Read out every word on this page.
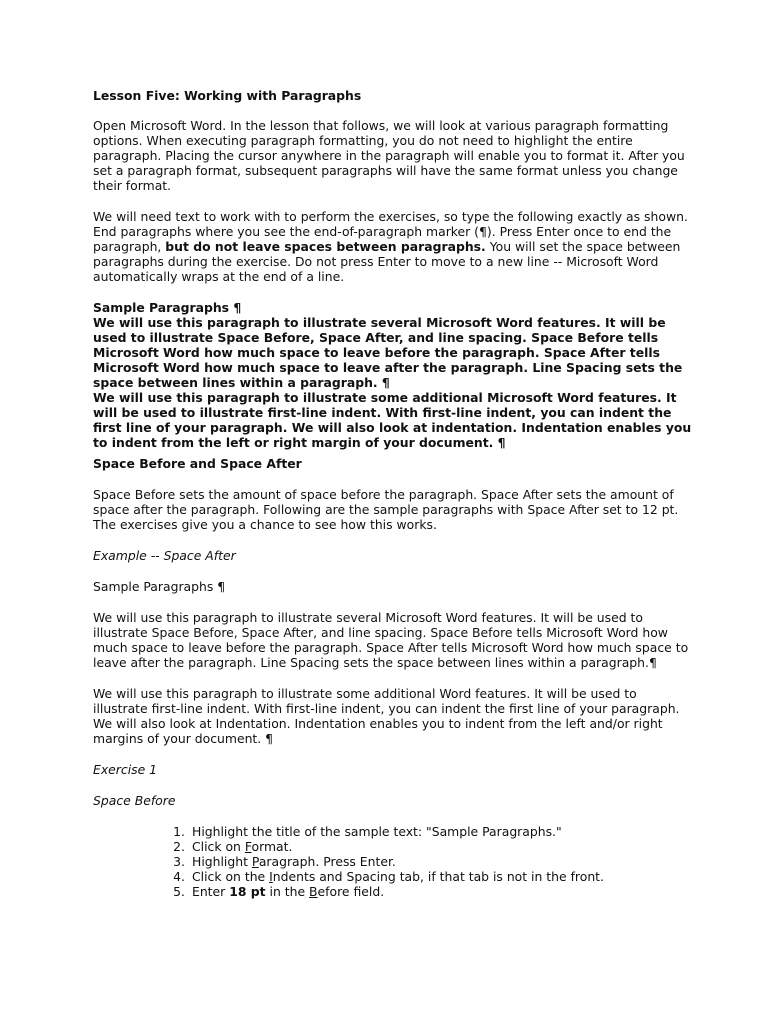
Lesson Five: Working with Paragraphs

Open Microsoft Word. In the lesson that follows, we will look at various paragraph formatting options. When executing paragraph formatting, you do not need to highlight the entire paragraph. Placing the cursor anywhere in the paragraph will enable you to format it. After you set a paragraph format, subsequent paragraphs will have the same format unless you change their format.

We will need text to work with to perform the exercises, so type the following exactly as shown. End paragraphs where you see the end-of-paragraph marker (¶). Press Enter once to end the paragraph, but do not leave spaces between paragraphs. You will set the space between paragraphs during the exercise. Do not press Enter to move to a new line -- Microsoft Word automatically wraps at the end of a line.

Sample Paragraphs ¶

We will use this paragraph to illustrate several Microsoft Word features. It will be used to illustrate Space Before, Space After, and line spacing. Space Before tells Microsoft Word how much space to leave before the paragraph. Space After tells Microsoft Word how much space to leave after the paragraph. Line Spacing sets the space between lines within a paragraph. ¶

We will use this paragraph to illustrate some additional Microsoft Word features. It will be used to illustrate first-line indent. With first-line indent, you can indent the first line of your paragraph. We will also look at indentation. Indentation enables you to indent from the left or right margin of your document. ¶

Space Before and Space After

Space Before sets the amount of space before the paragraph. Space After sets the amount of space after the paragraph. Following are the sample paragraphs with Space After set to 12 pt. The exercises give you a chance to see how this works.

Example -- Space After

Sample Paragraphs ¶

We will use this paragraph to illustrate several Microsoft Word features. It will be used to illustrate Space Before, Space After, and line spacing. Space Before tells Microsoft Word how much space to leave before the paragraph. Space After tells Microsoft Word how much space to leave after the paragraph. Line Spacing sets the space between lines within a paragraph.¶

We will use this paragraph to illustrate some additional Word features. It will be used to illustrate first-line indent. With first-line indent, you can indent the first line of your paragraph. We will also look at Indentation. Indentation enables you to indent from the left and/or right margins of your document. ¶

Exercise 1

Space Before

1. Highlight the title of the sample text: "Sample Paragraphs."
2. Click on Format.
3. Highlight Paragraph. Press Enter.
4. Click on the Indents and Spacing tab, if that tab is not in the front.
5. Enter 18 pt in the Before field.
